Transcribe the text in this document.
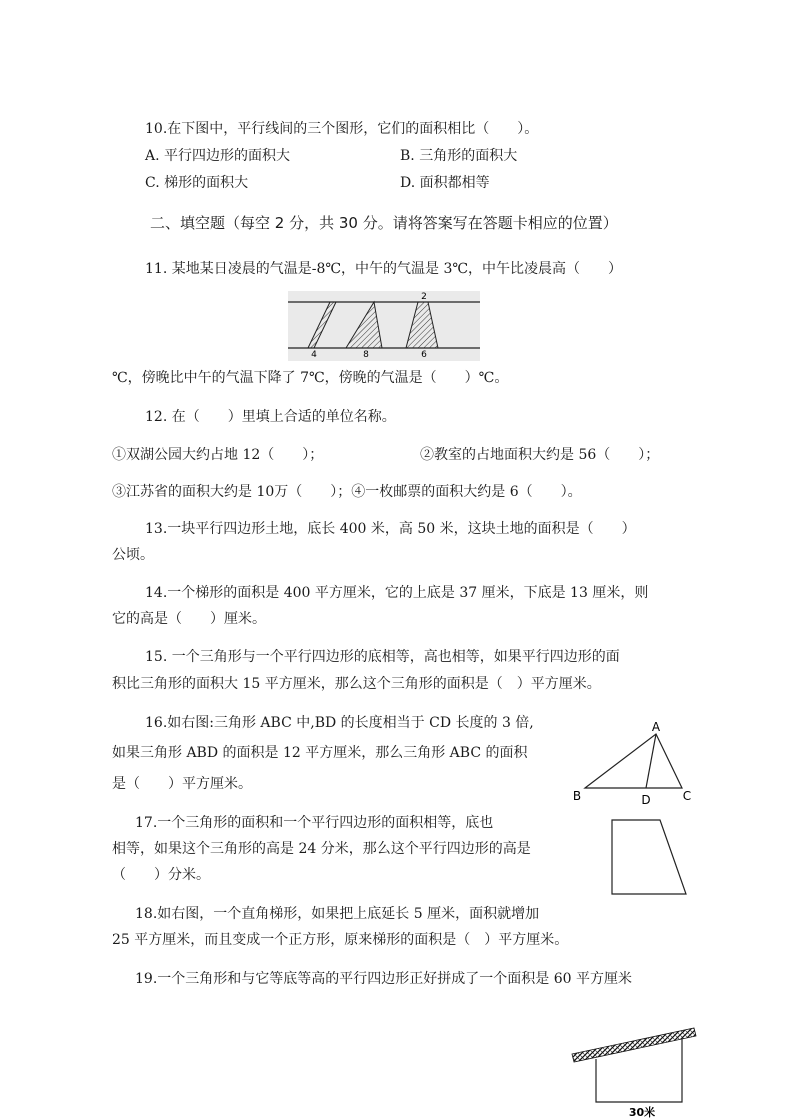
10.在下图中，平行线间的三个图形，它们的面积相比（　　）。
A. 平行四边形的面积大	B. 三角形的面积大
C. 梯形的面积大	D. 面积都相等
二、填空题（每空 2 分，共 30 分。请将答案写在答题卡相应的位置）
11. 某地某日凌晨的气温是-8℃，中午的气温是 3℃，中午比凌晨高（　　）
2
4	8	6
℃，傍晚比中午的气温下降了 7℃，傍晚的气温是（　　）℃。
12. 在（　　）里填上合适的单位名称。
①双湖公园大约占地 12（　　）；	②教室的占地面积大约是 56（　　）；
③江苏省的面积大约是 10万（　　）；④一枚邮票的面积大约是 6（　　）。
13.一块平行四边形土地，底长 400 米，高 50 米，这块土地的面积是（　　）
公顷。
14.一个梯形的面积是 400 平方厘米，它的上底是 37 厘米，下底是 13 厘米，则
它的高是（　　）厘米。
15. 一个三角形与一个平行四边形的底相等，高也相等，如果平行四边形的面
积比三角形的面积大 15 平方厘米，那么这个三角形的面积是（　）平方厘米。
16.如右图:三角形 ABC 中,BD 的长度相当于 CD 长度的 3 倍,
如果三角形 ABD 的面积是 12 平方厘米，那么三角形 ABC 的面积
是（　　）平方厘米。
A
B	D	C
17.一个三角形的面积和一个平行四边形的面积相等，底也
相等，如果这个三角形的高是 24 分米，那么这个平行四边形的高是
（　　）分米。
18.如右图，一个直角梯形，如果把上底延长 5 厘米，面积就增加
25 平方厘米，而且变成一个正方形，原来梯形的面积是（　）平方厘米。
19.一个三角形和与它等底等高的平行四边形正好拼成了一个面积是 60 平方厘米
30米
